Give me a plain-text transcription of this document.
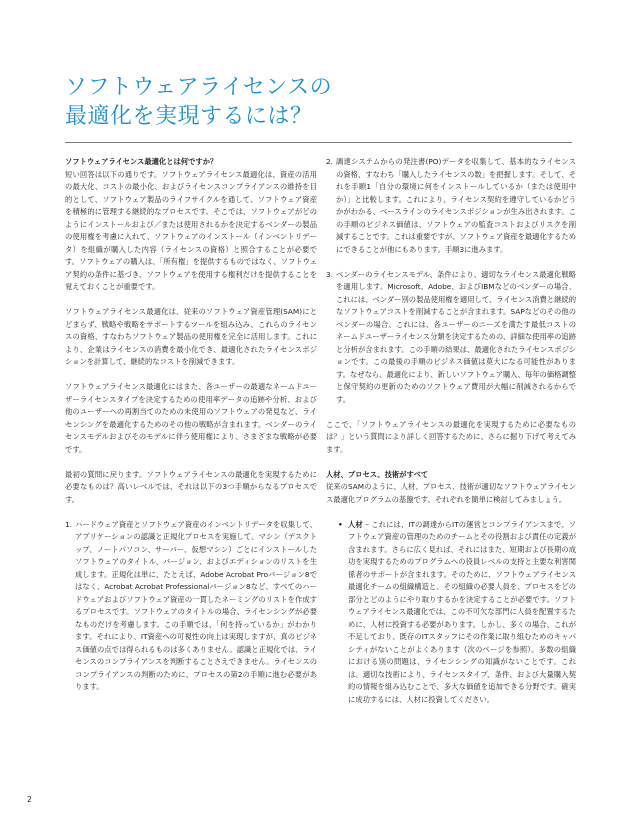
ソフトウェアライセンスの
最適化を実現するには？

ソフトウェアライセンス最適化とは何ですか？

短い回答は以下の通りです。ソフトウェアライセンス最適化は、資産の活用の最大化、コストの最小化、およびライセンスコンプライアンスの維持を目的として、ソフトウェア製品のライフサイクルを通して、ソフトウェア資産を積極的に管理する継続的なプロセスです。そこでは、ソフトウェアがどのようにインストールおよび／または使用されるかを決定するベンダーの製品の使用権を考慮に入れて、ソフトウェアのインストール（インベントリデータ）を組織が購入した内容（ライセンスの資格）と照合することが必要です。ソフトウェアの購入は、「所有権」を提供するものではなく、ソフトウェア契約の条件に基づき、ソフトウェアを使用する権利だけを提供することを覚えておくことが重要です。

ソフトウェアライセンス最適化は、従来のソフトウェア資産管理(SAM)にとどまらず、戦略や戦略をサポートするツールを組み込み、これらのライセンスの資格、すなわちソフトウェア製品の使用権を完全に活用します。これにより、企業はライセンスの消費を最小化でき、最適化されたライセンスポジションを計算して、継続的なコストを削減できます。

ソフトウェアライセンス最適化にはまた、各ユーザーの最適なネームドユーザーライセンスタイプを決定するための使用率データの追跡や分析、および他のユーザーへの再割当てのための未使用のソフトウェアの発見など、ライセンシングを最適化するためのその他の戦略が含まれます。ベンダーのライセンスモデルおよびそのモデルに伴う使用権により、さまざまな戦略が必要です。

最初の質問に戻ります。ソフトウェアライセンスの最適化を実現するために必要なものは？高いレベルでは、それは以下の3つ手順からなるプロセスです。

1. ハードウェア資産とソフトウェア資産のインベントリデータを収集して、アプリケーションの認識と正規化プロセスを実施して、マシン（デスクトップ、ノートパソコン、サーバー、仮想マシン）ごとにインストールしたソフトウェアのタイトル、バージョン、およびエディションのリストを生成します。正規化は単に、たとえば、Adobe Acrobat Proバージョン8ではなく、Acrobat Acrobat Professionalバージョン8など、すべてのハードウェアおよびソフトウェア資産の一貫したネーミングのリストを作成するプロセスです。ソフトウェアのタイトルの場合、ライセンシングが必要なものだけを考慮します。この手順では、「何を持っているか」がわかります。それにより、IT資産への可視性の向上は実現しますが、真のビジネス価値の点では得られるものは多くありません。認識と正規化では、ライセンスのコンプライアンスを判断することさえできません。ライセンスのコンプライアンスの判断のために、プロセスの第2の手順に進む必要があります。
2. 調達システムからの発注書(PO)データを収集して、基本的なライセンスの資格、すなわち「購入したライセンスの数」を把握します。そして、それを手順1「自分の環境に何をインストールしているか（または使用中か）」と比較します。これにより、ライセンス契約を遵守しているかどうかがわかる、ベースラインのライセンスポジションが生み出されます。この手順のビジネス価値は、ソフトウェアの監査コストおよびリスクを削減することです。これは重要ですが、ソフトウェア資産を最適化するためにできることが他にもあります。手順3に進みます。
3. ベンダーのライセンスモデル、条件により、適切なライセンス最適化戦略を適用します。Microsoft、Adobe、およびIBMなどのベンダーの場合、これには、ベンダー別の製品使用権を適用して、ライセンス消費と継続的なソフトウェアコストを削減することが含まれます。SAPなどのその他のベンダーの場合、これには、各ユーザーのニーズを満たす最低コストのネームドユーザーライセンス分類を決定するための、詳細な使用率の追跡と分析が含まれます。この手順の結果は、最適化されたライセンスポジションです。この最後の手順のビジネス価値は莫大になる可能性があります。なぜなら、最適化により、新しいソフトウェア購入、毎年の価格調整と保守契約の更新のためのソフトウェア費用が大幅に削減されるからです。

ここで、「ソフトウェアライセンスの最適化を実現するために必要なものは？」という質問により詳しく回答するために、さらに掘り下げて考えてみます。

人材、プロセス、技術がすべて

従来のSAMのように、人材、プロセス、技術が適切なソフトウェアライセンス最適化プログラムの基盤です。それぞれを簡単に検討してみましょう。

• 人材 – これには、ITの調達からITの運営とコンプライアンスまで、ソフトウェア資産の管理のためのチームとその役割および責任の定義が含まれます。さらに広く見れば、それにはまた、短期および長期の成功を実現するためのプログラムへの役員レベルの支持と主要な利害関係者のサポートが含まれます。そのために、ソフトウェアライセンス最適化チームの組織構造と、その組織の必要人員を、プロセスをどの部分とどのようにやり取りするかを決定することが必要です。ソフトウェアライセンス最適化では、この不可欠な部門に人員を配置するために、人材に投資する必要があります。しかし、多くの場合、これが不足しており、既存のITスタッフにその作業に取り組むためのキャパシティがないことがよくあります（次のページを参照）。多数の組織における別の問題は、ライセンシングの知識がないことです。これは、適切な技術により、ライセンスタイプ、条件、および大量購入契約の情報を組み込むことで、多大な価値を追加できる分野です。確実に成功するには、人材に投資してください。
2
